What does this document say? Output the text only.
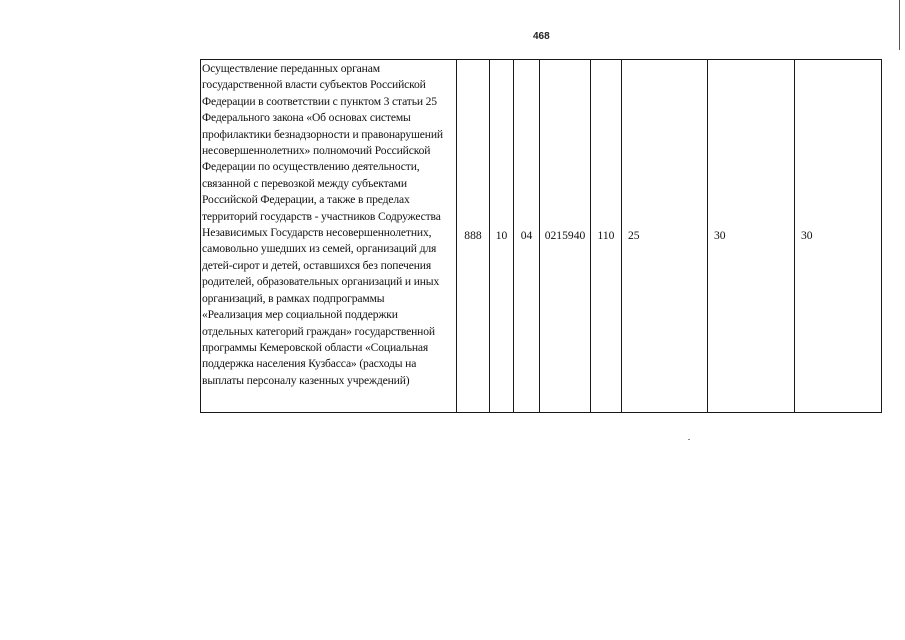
468
Осуществление переданных органам
государственной власти субъектов Российской
Федерации в соответствии с пунктом 3 статьи 25
Федерального закона «Об основах системы
профилактики безнадзорности и правонарушений
несовершеннолетних» полномочий Российской
Федерации по осуществлению деятельности,
связанной с перевозкой между субъектами
Российской Федерации, а также в пределах
территорий государств - участников Содружества
Независимых Государств несовершеннолетних,
самовольно ушедших из семей, организаций для
детей-сирот и детей, оставшихся без попечения
родителей, образовательных организаций и иных
организаций, в рамках подпрограммы
«Реализация мер социальной поддержки
отдельных категорий граждан» государственной
программы Кемеровской области «Социальная
поддержка населения Кузбасса» (расходы на
выплаты персоналу казенных учреждений)
	888	10	04	0215940	110	25	30	30
